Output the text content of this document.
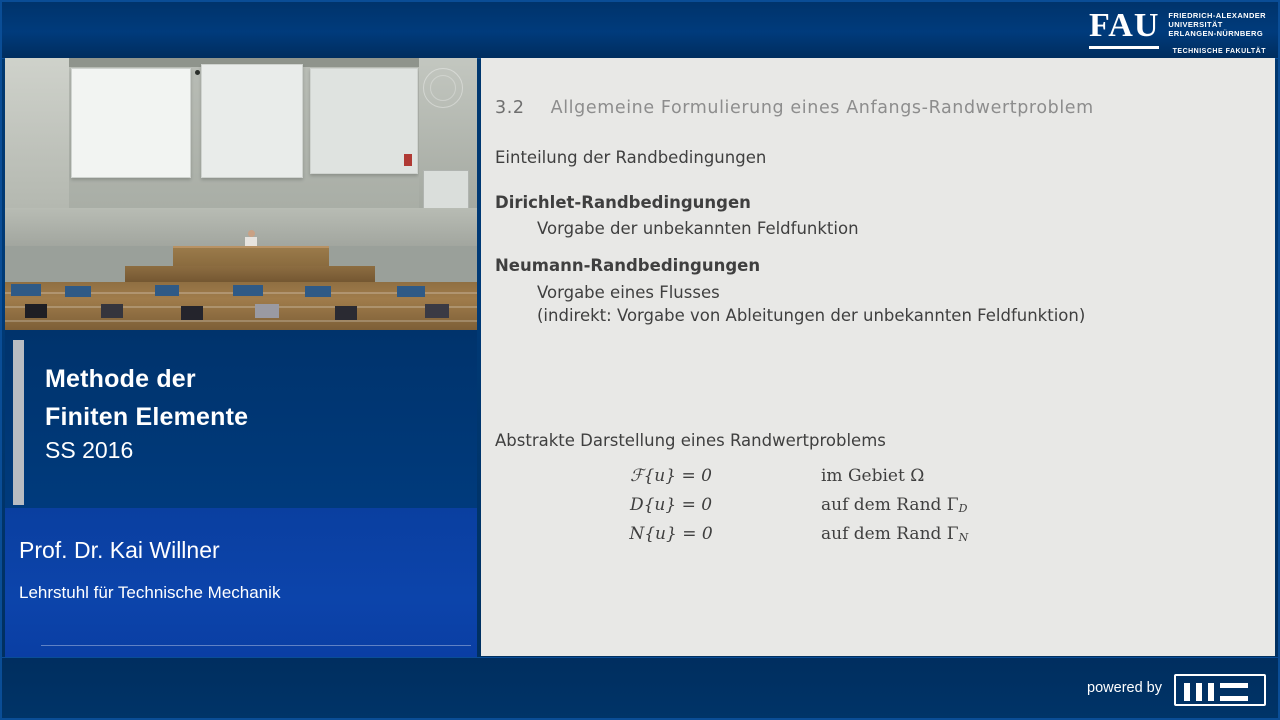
FAU FRIEDRICH-ALEXANDER
UNIVERSITÄT
ERLANGEN-NÜRNBERG
TECHNISCHE FAKULTÄT
Methode der
Finiten Elemente
SS 2016
Prof. Dr. Kai Willner
Lehrstuhl für Technische Mechanik
3.2 Allgemeine Formulierung eines Anfangs-Randwertproblem
Einteilung der Randbedingungen
Dirichlet-Randbedingungen
Vorgabe der unbekannten Feldfunktion
Neumann-Randbedingungen
Vorgabe eines Flusses
(indirekt: Vorgabe von Ableitungen der unbekannten Feldfunktion)
Abstrakte Darstellung eines Randwertproblems
ℱ{u} = 0	im Gebiet Ω
D{u} = 0	auf dem Rand ΓD
N{u} = 0	auf dem Rand ΓN
powered by
